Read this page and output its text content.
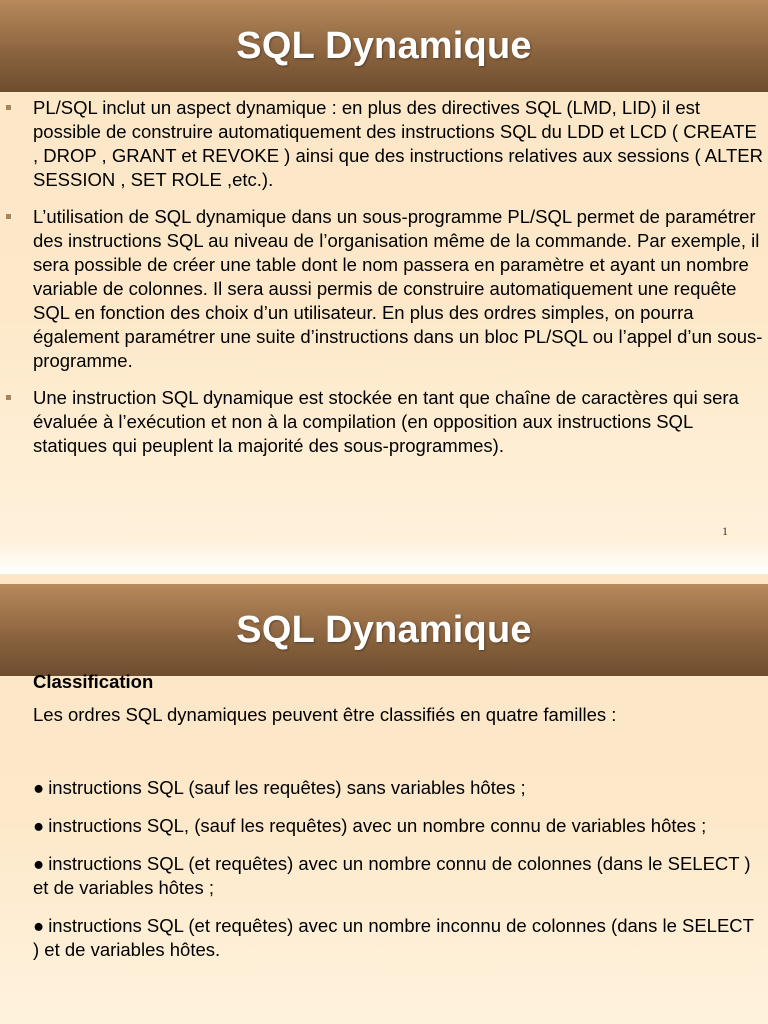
SQL Dynamique
PL/SQL inclut un aspect dynamique : en plus des directives SQL (LMD, LID) il est possible de construire automatiquement des instructions SQL du LDD et LCD ( CREATE , DROP , GRANT et REVOKE ) ainsi que des instructions relatives aux sessions ( ALTER SESSION , SET ROLE ,etc.).
L’utilisation de SQL dynamique dans un sous-programme PL/SQL permet de paramétrer des instructions SQL au niveau de l’organisation même de la commande. Par exemple, il sera possible de créer une table dont le nom passera en paramètre et ayant un nombre variable de colonnes. Il sera aussi permis de construire automatiquement une requête SQL en fonction des choix d’un utilisateur. En plus des ordres simples, on pourra également paramétrer une suite d’instructions dans un bloc PL/SQL ou l’appel d’un sous-programme.
Une instruction SQL dynamique est stockée en tant que chaîne de caractères qui sera évaluée à l’exécution et non à la compilation (en opposition aux instructions SQL statiques qui peuplent la majorité des sous-programmes).
1
SQL Dynamique

Classification

Les ordres SQL dynamiques peuvent être classifiés en quatre familles :

● instructions SQL (sauf les requêtes) sans variables hôtes ;

● instructions SQL, (sauf les requêtes) avec un nombre connu de variables hôtes ;

● instructions SQL (et requêtes) avec un nombre connu de colonnes (dans le SELECT ) et de variables hôtes ;

● instructions SQL (et requêtes) avec un nombre inconnu de colonnes (dans le SELECT ) et de variables hôtes.
